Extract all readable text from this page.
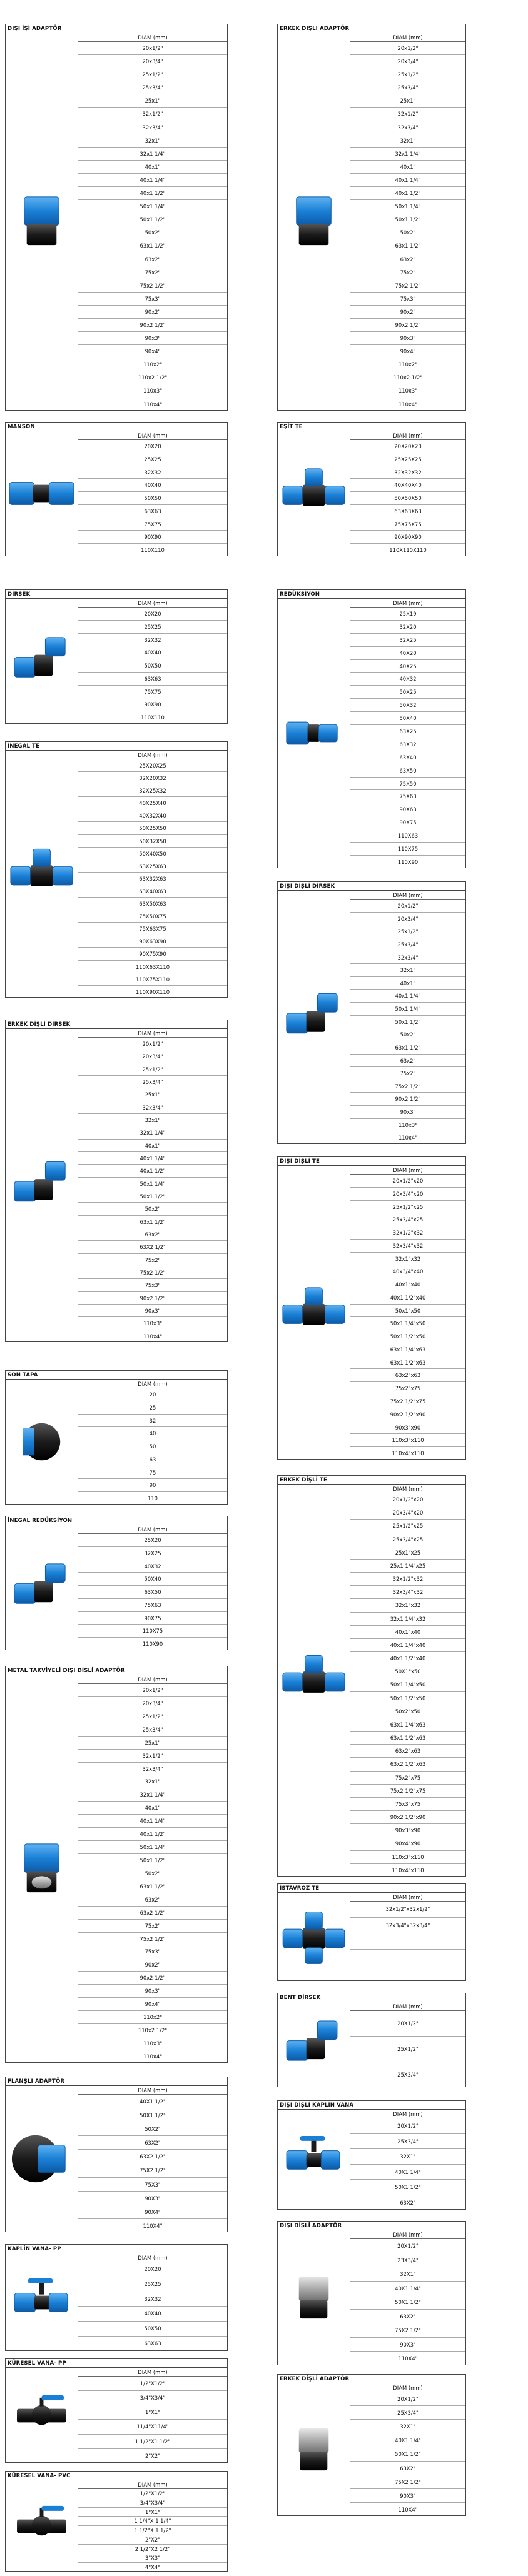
DIŞI İŞİ ADAPTÖR
DIAM (mm)
20x1/2"
20x3/4"
25x1/2"
25x3/4"
25x1"
32x1/2"
32x3/4"
32x1"
32x1 1/4"
40x1"
40x1 1/4"
40x1 1/2"
50x1 1/4"
50x1 1/2"
50x2"
63x1 1/2"
63x2"
75x2"
75x2 1/2"
75x3"
90x2"
90x2 1/2"
90x3"
90x4"
110x2"
110x2 1/2"
110x3"
110x4"
ERKEK DIŞLI ADAPTÖR
DIAM (mm)
20x1/2"
20x3/4"
25x1/2"
25x3/4"
25x1"
32x1/2"
32x3/4"
32x1"
32x1 1/4"
40x1"
40x1 1/4"
40x1 1/2"
50x1 1/4"
50x1 1/2"
50x2"
63x1 1/2"
63x2"
75x2"
75x2 1/2"
75x3"
90x2"
90x2 1/2"
90x3"
90x4"
110x2"
110x2 1/2"
110x3"
110x4"
MANŞON
DIAM (mm)
20X20
25X25
32X32
40X40
50X50
63X63
75X75
90X90
110X110
EŞİT TE
DIAM (mm)
20X20X20
25X25X25
32X32X32
40X40X40
50X50X50
63X63X63
75X75X75
90X90X90
110X110X110
DİRSEK
DIAM (mm)
20X20
25X25
32X32
40X40
50X50
63X63
75X75
90X90
110X110
REDÜKSİYON
DIAM (mm)
25X19
32X20
32X25
40X20
40X25
40X32
50X25
50X32
50X40
63X25
63X32
63X40
63X50
75X50
75X63
90X63
90X75
110X63
110X75
110X90
İNEGAL TE
DIAM (mm)
25X20X25
32X20X32
32X25X32
40X25X40
40X32X40
50X25X50
50X32X50
50X40X50
63X25X63
63X32X63
63X40X63
63X50X63
75X50X75
75X63X75
90X63X90
90X75X90
110X63X110
110X75X110
110X90X110
DIŞI DİŞLİ DİRSEK
DIAM (mm)
20x1/2"
20x3/4"
25x1/2"
25x3/4"
32x3/4"
32x1"
40x1"
40x1 1/4"
50x1 1/4"
50x1 1/2"
50x2"
63x1 1/2"
63x2"
75x2"
75x2 1/2"
90x2 1/2"
90x3"
110x3"
110x4"
ERKEK DİŞLİ DİRSEK
DIAM (mm)
20x1/2"
20x3/4"
25x1/2"
25x3/4"
25x1"
32x3/4"
32x1"
32x1 1/4"
40x1"
40x1 1/4"
40x1 1/2"
50x1 1/4"
50x1 1/2"
50x2"
63x1 1/2"
63x2"
63X2 1/2"
75x2"
75x2 1/2"
75x3"
90x2 1/2"
90x3"
110x3"
110x4"
DIŞI DİŞLİ TE
DIAM (mm)
20x1/2"x20
20x3/4"x20
25x1/2"x25
25x3/4"x25
32x1/2"x32
32x3/4"x32
32x1"x32
40x3/4"x40
40x1"x40
40x1 1/2"x40
50x1"x50
50x1 1/4"x50
50x1 1/2"x50
63x1 1/4"x63
63x1 1/2"x63
63x2"x63
75x2"x75
75x2 1/2"x75
90x2 1/2"x90
90x3"x90
110x3"x110
110x4"x110
SON TAPA
DIAM (mm)
20
25
32
40
50
63
75
90
110
ERKEK DİŞLİ TE
DIAM (mm)
20x1/2"x20
20x3/4"x20
25x1/2"x25
25x3/4"x25
25x1"x25
25x1 1/4"x25
32x1/2"x32
32x3/4"x32
32x1"x32
32x1 1/4"x32
40x1"x40
40x1 1/4"x40
40x1 1/2"x40
50X1"x50
50x1 1/4"x50
50x1 1/2"x50
50x2"x50
63x1 1/4"x63
63x1 1/2"x63
63x2"x63
63x2 1/2"x63
75x2"x75
75x2 1/2"x75
75x3"x75
90x2 1/2"x90
90x3"x90
90x4"x90
110x3"x110
110x4"x110
İNEGAL REDÜKSİYON
DIAM (mm)
25X20
32X25
40X32
50X40
63X50
75X63
90X75
110X75
110X90
METAL TAKVİYELİ DIŞI DİŞLİ ADAPTÖR
DIAM (mm)
20x1/2"
20x3/4"
25x1/2"
25x3/4"
25x1"
32x1/2"
32x3/4"
32x1"
32x1 1/4"
40x1"
40x1 1/4"
40x1 1/2"
50x1 1/4"
50x1 1/2"
50x2"
63x1 1/2"
63x2"
63x2 1/2"
75x2"
75x2 1/2"
75x3"
90x2"
90x2 1/2"
90x3"
90x4"
110x2"
110x2 1/2"
110x3"
110x4"
İSTAVROZ TE
DIAM (mm)
32x1/2"x32x1/2"
32x3/4"x32x3/4"
BENT DİRSEK
DIAM (mm)
20X1/2"
25X1/2"
25X3/4"
FLANŞLI ADAPTÖR
DIAM (mm)
40X1 1/2"
50X1 1/2"
50X2"
63X2"
63X2 1/2"
75X2 1/2"
75X3"
90X3"
90X4"
110X4"
DIŞI DİŞLİ KAPLİN VANA
DIAM (mm)
20X1/2"
25X3/4"
32X1"
40X1 1/4"
50X1 1/2"
63X2"
KAPLİN VANA- PP
DIAM (mm)
20X20
25X25
32X32
40X40
50X50
63X63
DIŞI DİŞLİ ADAPTÖR
DIAM (mm)
20X1/2"
23X3/4"
32X1"
40X1 1/4"
50X1 1/2"
63X2"
75X2 1/2"
90X3"
110X4"
KÜRESEL VANA- PP
DIAM (mm)
1/2"X1/2"
3/4"X3/4"
1"X1"
11/4"X11/4"
1 1/2"X1 1/2"
2"X2"
ERKEK DİŞLİ ADAPTÖR
DIAM (mm)
20X1/2"
25X3/4"
32X1"
40X1 1/4"
50X1 1/2"
63X2"
75X2 1/2"
90X3"
110X4"
KÜRESEL VANA- PVC
DIAM (mm)
1/2"X1/2"
3/4"X3/4"
1"X1"
1 1/4"X 1 1/4"
1 1/2"X 1 1/2"
2"X2"
2 1/2"X2 1/2"
3"X3"
4"X4"
